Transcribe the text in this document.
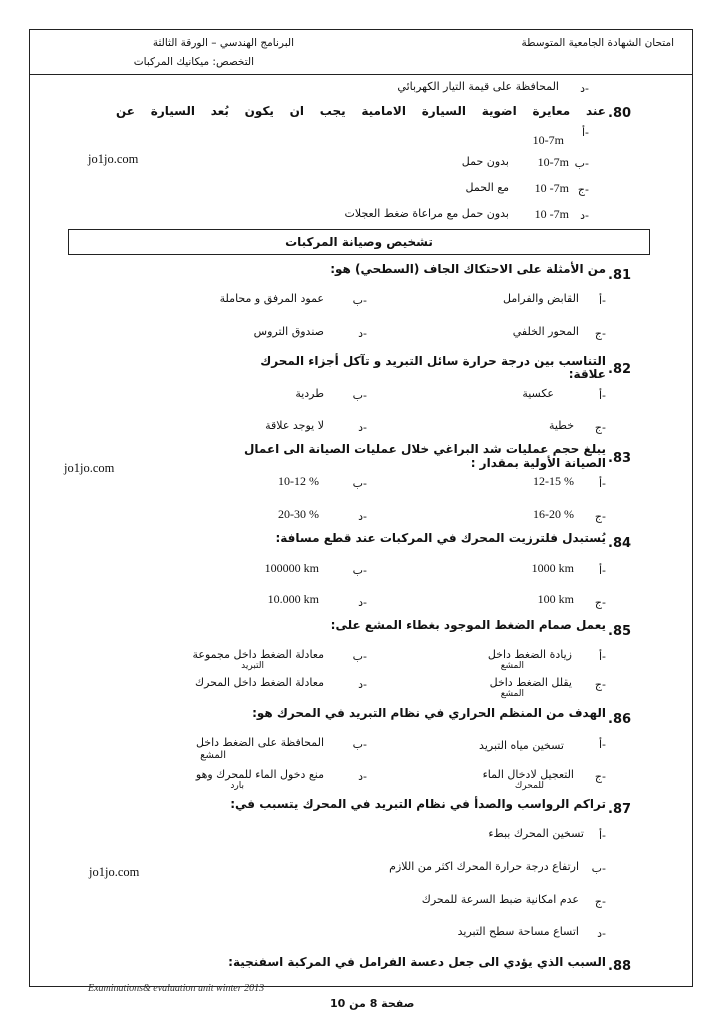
امتحان الشهادة الجامعية المتوسطة
البرنامج الهندسي – الورقة الثالثة
التخصص: ميكانيك المركبات
د-
المحافظة على قيمة التيار الكهربائي
.80
عند معايرة اضوية السيارة الامامية يجب ان يكون بُعد السيارة عن
أ-
10-7m
ب-
10-7m
بدون حمل
ج-
10 -7m
مع الحمل
د-
10 -7m
بدون حمل مع مراعاة ضغط العجلات
jo1jo.com
تشخيص وصيانة المركبات
.81
من الأمثلة على الاحتكاك الجاف (السطحي) هو:
أ-
القابض والفرامل
ب-
عمود المرفق و محاملة
ج-
المحور الخلفي
د-
صندوق التروس
.82
التناسب بين درجة حرارة سائل التبريد و تآكل أجزاء المحرك
علاقة:
أ-
عكسية
ب-
طردية
ج-
خطية
د-
لا يوجد علاقة
.83
يبلغ حجم عمليات شد البراغي خلال عمليات الصيانة الى اعمال
الصيانة الأولية بمقدار :
أ-
12-15 %
ب-
10-12 %
ج-
16-20 %
د-
20-30 %
jo1jo.com
.84
يُستبدل فلترزيت المحرك في المركبات عند قطع مسافة:
أ-
1000 km
ب-
100000 km
ج-
100 km
د-
10.000 km
.85
يعمل صمام الضغط الموجود بغطاء المشع على:
أ-
زيادة الضغط داخل
المشع
ب-
معادلة الضغط داخل مجموعة
التبريد
ج-
يقلل الضغط داخل
المشع
د-
معادلة الضغط داخل المحرك
.86
الهدف من المنظم الحراري في نظام التبريد في المحرك هو:
أ-
تسخين مياه التبريد
ب-
المحافظة على الضغط داخل
المشع
ج-
التعجيل لادخال الماء
للمحرك
د-
منع دخول الماء للمحرك وهو
بارد
.87
تراكم الرواسب والصدأ في نظام التبريد في المحرك يتسبب في:
أ-
تسخين المحرك ببطء
ب-
ارتفاع درجة حرارة المحرك اكثر من اللازم
ج-
عدم امكانية ضبط السرعة للمحرك
د-
اتساع مساحة سطح التبريد
jo1jo.com
.88
السبب الذي يؤدي الى جعل دعسة الفرامل في المركبة اسفنجية:
Examinations& evaluation unit winter 2013
صفحة 8 من 10
